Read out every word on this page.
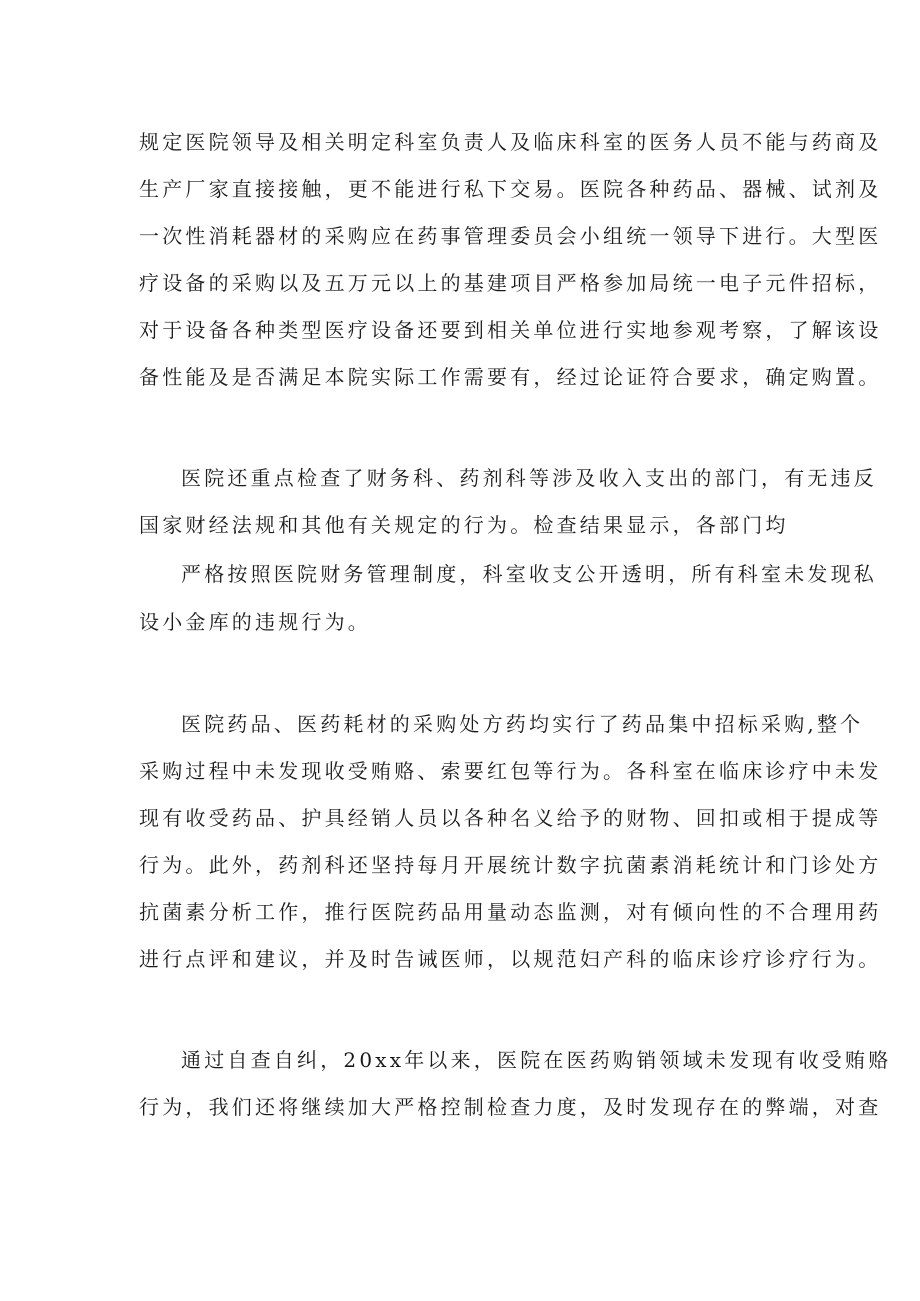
规定医院领导及相关明定科室负责人及临床科室的医务人员不能与药商及
生产厂家直接接触，更不能进行私下交易。医院各种药品、器械、试剂及
一次性消耗器材的采购应在药事管理委员会小组统一领导下进行。大型医
疗设备的采购以及五万元以上的基建项目严格参加局统一电子元件招标，
对于设备各种类型医疗设备还要到相关单位进行实地参观考察，了解该设
备性能及是否满足本院实际工作需要有，经过论证符合要求，确定购置。
医院还重点检查了财务科、药剂科等涉及收入支出的部门，有无违反
国家财经法规和其他有关规定的行为。检查结果显示，各部门均
严格按照医院财务管理制度，科室收支公开透明，所有科室未发现私
设小金库的违规行为。
医院药品、医药耗材的采购处方药均实行了药品集中招标采购,整个
采购过程中未发现收受贿赂、索要红包等行为。各科室在临床诊疗中未发
现有收受药品、护具经销人员以各种名义给予的财物、回扣或相于提成等
行为。此外，药剂科还坚持每月开展统计数字抗菌素消耗统计和门诊处方
抗菌素分析工作，推行医院药品用量动态监测，对有倾向性的不合理用药
进行点评和建议，并及时告诫医师，以规范妇产科的临床诊疗诊疗行为。
通过自查自纠，20xx年以来，医院在医药购销领域未发现有收受贿赂
行为，我们还将继续加大严格控制检查力度，及时发现存在的弊端，对查
